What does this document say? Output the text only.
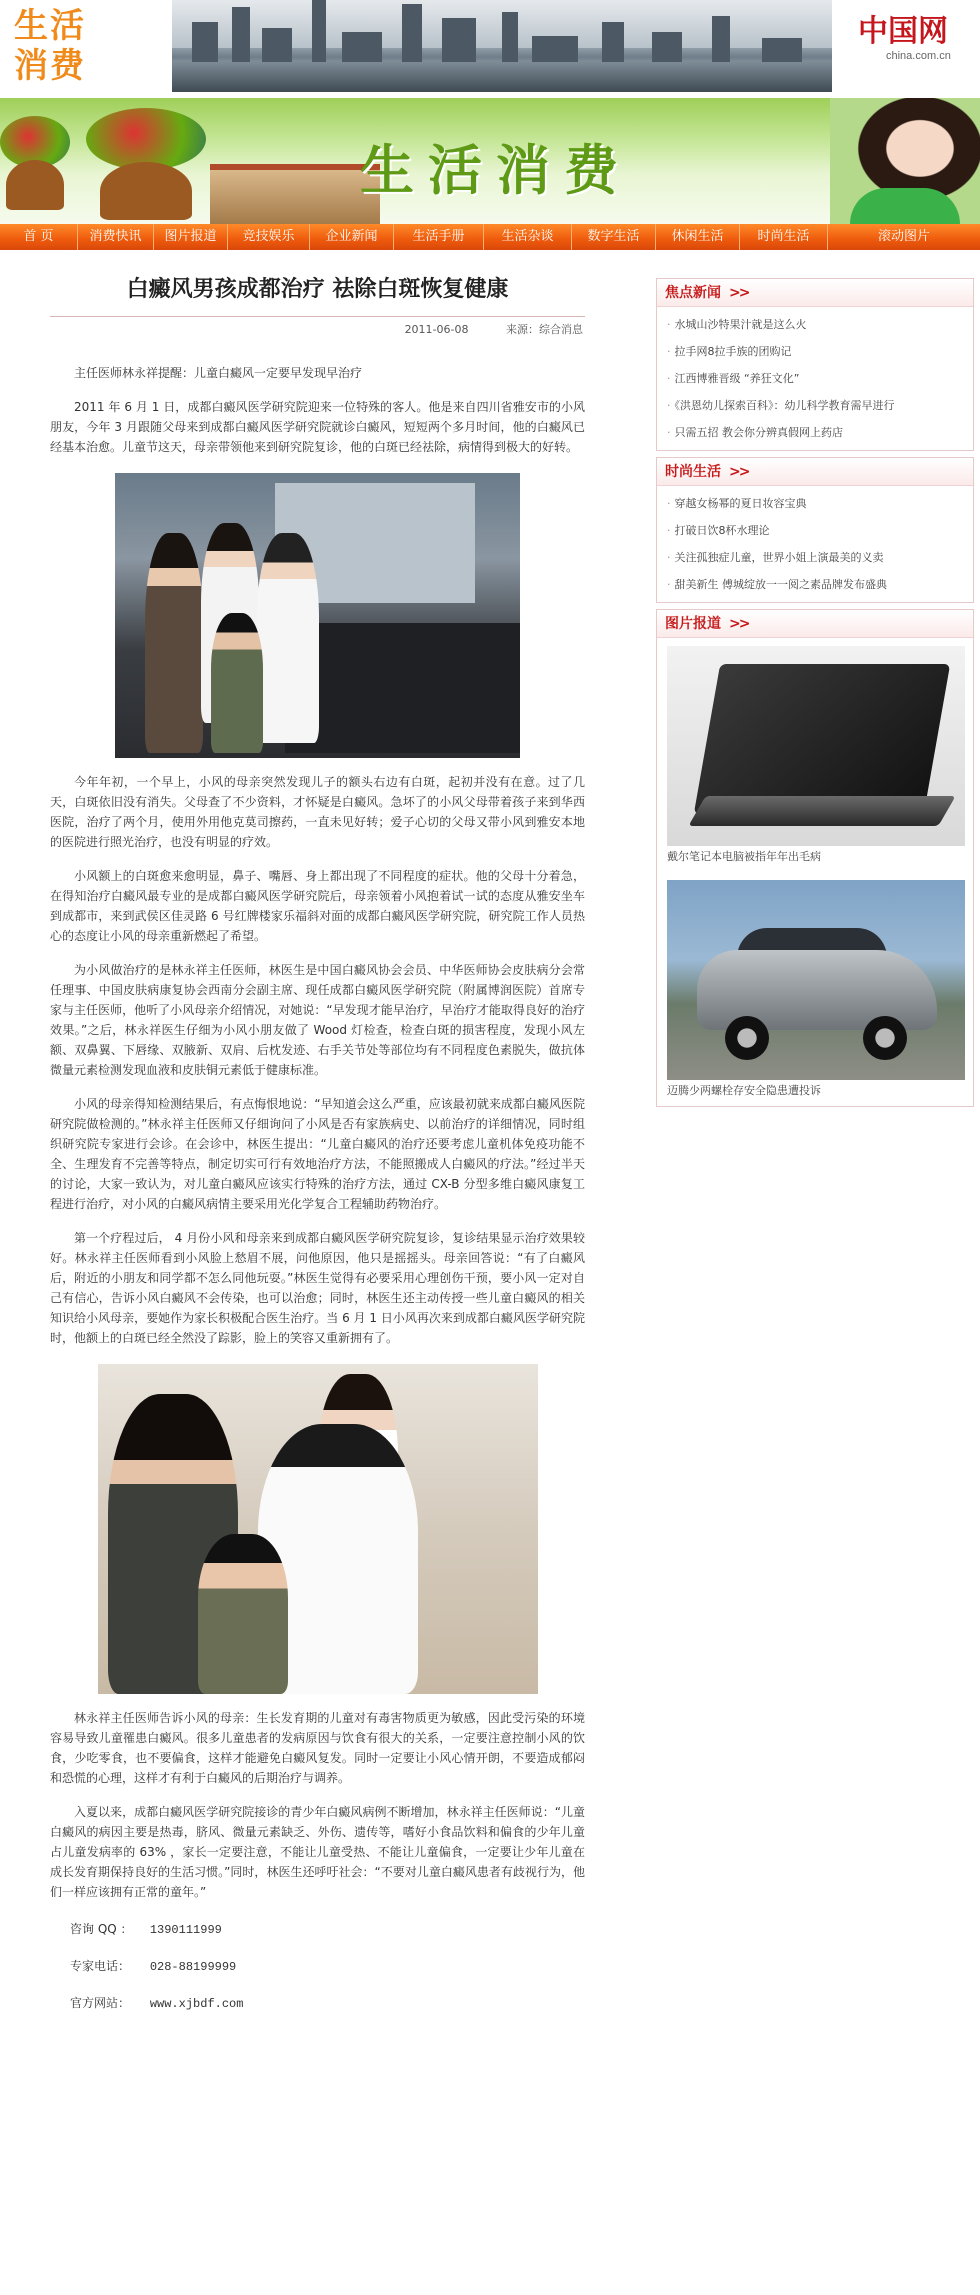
生活
消费
中国网
china.com.cn
生活消费
首 页	消费快讯	图片报道	竞技娱乐	企业新闻	生活手册	生活杂谈	数字生活	休闲生活	时尚生活	滚动图片
白癜风男孩成都治疗 祛除白斑恢复健康
2011-06-08	来源：综合消息

主任医师林永祥提醒：儿童白癜风一定要早发现早治疗

2011 年 6 月 1 日，成都白癜风医学研究院迎来一位特殊的客人。他是来自四川省雅安市的小风朋友，今年 3 月跟随父母来到成都白癜风医学研究院就诊白癜风，短短两个多月时间，他的白癜风已经基本治愈。儿童节这天，母亲带领他来到研究院复诊，他的白斑已经祛除，病情得到极大的好转。

今年年初，一个早上，小风的母亲突然发现儿子的额头右边有白斑，起初并没有在意。过了几天，白斑依旧没有消失。父母查了不少资料，才怀疑是白癜风。急坏了的小风父母带着孩子来到华西医院，治疗了两个月，使用外用他克莫司擦药，一直未见好转；爱子心切的父母又带小风到雅安本地的医院进行照光治疗，也没有明显的疗效。

小风额上的白斑愈来愈明显，鼻子、嘴唇、身上都出现了不同程度的症状。他的父母十分着急，在得知治疗白癜风最专业的是成都白癜风医学研究院后，母亲领着小风抱着试一试的态度从雅安坐车到成都市，来到武侯区佳灵路 6 号红牌楼家乐福斜对面的成都白癜风医学研究院，研究院工作人员热心的态度让小风的母亲重新燃起了希望。

为小风做治疗的是林永祥主任医师，林医生是中国白癜风协会会员、中华医师协会皮肤病分会常任理事、中国皮肤病康复协会西南分会副主席、现任成都白癜风医学研究院（附属博润医院）首席专家与主任医师，他听了小风母亲介绍情况，对她说：“早发现才能早治疗，早治疗才能取得良好的治疗效果。”之后，林永祥医生仔细为小风小朋友做了 Wood 灯检查，检查白斑的损害程度，发现小风左额、双鼻翼、下唇缘、双腋新、双肩、后枕发迹、右手关节处等部位均有不同程度色素脱失，做抗体微量元素检测发现血液和皮肤铜元素低于健康标准。

小风的母亲得知检测结果后，有点悔恨地说：“早知道会这么严重，应该最初就来成都白癜风医院研究院做检测的。”林永祥主任医师又仔细询问了小风是否有家族病史、以前治疗的详细情况，同时组织研究院专家进行会诊。在会诊中，林医生提出：“儿童白癜风的治疗还要考虑儿童机体免疫功能不全、生理发育不完善等特点，制定切实可行有效地治疗方法，不能照搬成人白癜风的疗法。”经过半天的讨论，大家一致认为，对儿童白癜风应该实行特殊的治疗方法，通过 CX-B 分型多维白癜风康复工程进行治疗，对小风的白癜风病情主要采用光化学复合工程辅助药物治疗。

第一个疗程过后， 4 月份小风和母亲来到成都白癜风医学研究院复诊，复诊结果显示治疗效果较好。林永祥主任医师看到小风脸上愁眉不展，问他原因，他只是摇摇头。母亲回答说：“有了白癜风后，附近的小朋友和同学都不怎么同他玩耍。”林医生觉得有必要采用心理创伤干预，要小风一定对自己有信心，告诉小风白癜风不会传染，也可以治愈；同时，林医生还主动传授一些儿童白癜风的相关知识给小风母亲，要她作为家长积极配合医生治疗。当 6 月 1 日小风再次来到成都白癜风医学研究院时，他额上的白斑已经全然没了踪影，脸上的笑容又重新拥有了。

林永祥主任医师告诉小风的母亲：生长发育期的儿童对有毒害物质更为敏感，因此受污染的环境容易导致儿童罹患白癜风。很多儿童患者的发病原因与饮食有很大的关系，一定要注意控制小风的饮食，少吃零食，也不要偏食，这样才能避免白癜风复发。同时一定要让小风心情开朗，不要造成郁闷和恐慌的心理，这样才有利于白癜风的后期治疗与调养。

入夏以来，成都白癜风医学研究院接诊的青少年白癜风病例不断增加，林永祥主任医师说：“儿童白癜风的病因主要是热毒，脐风、微量元素缺乏、外伤、遗传等，嗜好小食品饮料和偏食的少年儿童占儿童发病率的 63% ，家长一定要注意，不能让儿童受热、不能让儿童偏食，一定要让少年儿童在成长发育期保持良好的生活习惯。”同时，林医生还呼吁社会：“不要对儿童白癜风患者有歧视行为，他们一样应该拥有正常的童年。”

咨询 QQ ： 1390111999
专家电话： 028-88199999
官方网站： www.xjbdf.com
焦点新闻 >>
· 水城山沙特果汁就是这么火
· 拉手网8拉手族的团购记
· 江西博雅晋级 “养狂文化”
· 《洪恩幼儿探索百科》：幼儿科学教育需早进行
· 只需五招 教会你分辨真假网上药店
时尚生活 >>
· 穿越女杨幂的夏日妆容宝典
· 打破日饮8杯水理论
· 关注孤独症儿童，世界小姐上演最美的义卖
· 甜美新生 傅城绽放一一阅之素品牌发布盛典
图片报道 >>
戴尔笔记本电脑被指年年出毛病
迈腾少两螺栓存安全隐患遭投诉
